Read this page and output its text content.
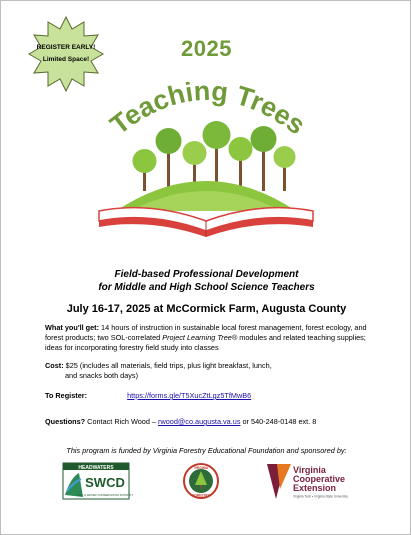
REGISTER EARLY!
Limited Space!	2025
Teaching Trees
Field-based Professional Development
for Middle and High School Science Teachers
July 16-17, 2025 at McCormick Farm, Augusta County
What you'll get: 14 hours of instruction in sustainable local forest management, forest ecology, and forest products; two SOL-correlated Project Learning Tree® modules and related teaching supplies; ideas for incorporating forestry field study into classes
Cost: $25 (includes all materials, field trips, plus light breakfast, lunch,
and snacks both days)
To Register:	https://forms.gle/T5XucZtLgz5TfMwB6
Questions? Contact Rich Wood – rwood@co.augusta.va.us or 540-248-0148 ext. 8
This program is funded by Virginia Forestry Educational Foundation and sponsored by:
HEADWATERS
SWCD
SOIL & WATER CONSERVATION DISTRICT
VIRGINIA
FORESTRY
Virginia
Cooperative
Extension
Virginia Tech • Virginia State University
